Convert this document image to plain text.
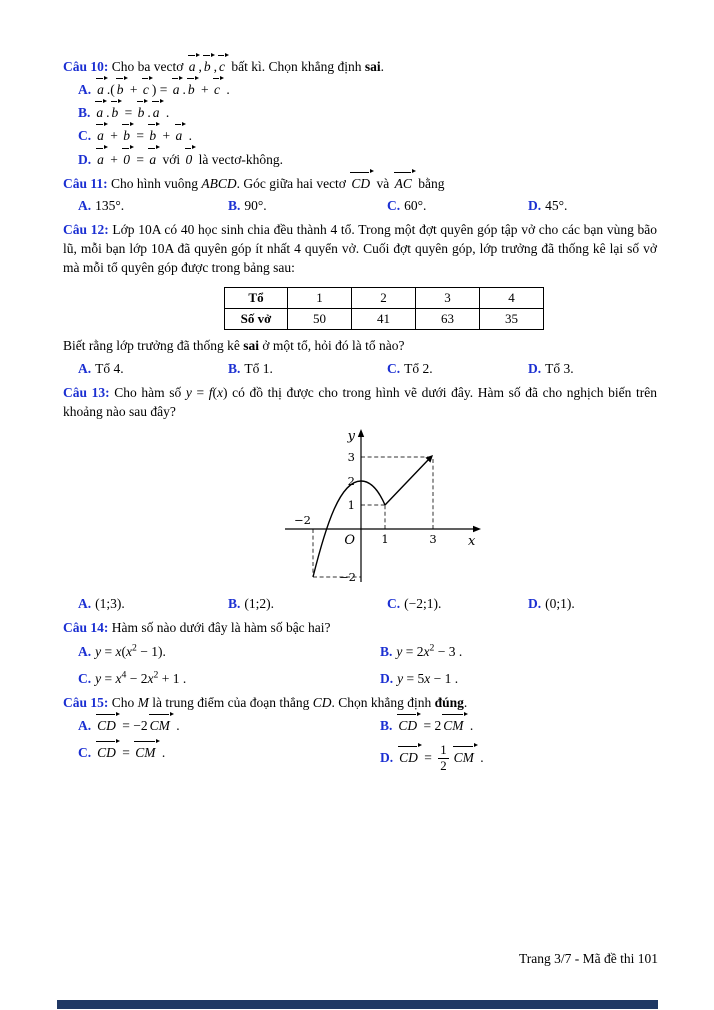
Câu 10: Cho ba vectơ a , b , c bất kì. Chọn khẳng định sai.
A. a .( b + c ) = a . b + c .
B. a . b = b . a .
C. a + b = b + a .
D. a + 0 = a với 0 là vectơ-không.
Câu 11: Cho hình vuông ABCD. Góc giữa hai vectơ CD và AC bằng
A. 135°.	B. 90°.	C. 60°.	D. 45°.
Câu 12: Lớp 10A có 40 học sinh chia đều thành 4 tổ. Trong một đợt quyên góp tập vở cho các bạn vùng bão lũ, mỗi bạn lớp 10A đã quyên góp ít nhất 4 quyển vở. Cuối đợt quyên góp, lớp trưởng đã thống kê lại số vở mà mỗi tổ quyên góp được trong bảng sau:
Tổ	1	2	3	4
Số vở	50	41	63	35
Biết rằng lớp trưởng đã thống kê sai ở một tổ, hỏi đó là tổ nào?
A. Tổ 4.	B. Tổ 1.	C. Tổ 2.	D. Tổ 3.
Câu 13: Cho hàm số y = f(x) có đồ thị được cho trong hình vẽ dưới đây. Hàm số đã cho nghịch biến trên khoảng nào sau đây?
y
x
O
3
2
1
−2
−2
1	3
A. (1;3).	B. (1;2).	C. (−2;1).	D. (0;1).
Câu 14: Hàm số nào dưới đây là hàm số bậc hai?
A. $y = x(x^2 - 1)$.	B. $y = 2x^2 - 3$ .
C. $y = x^4 - 2x^2 + 1$ .	D. y = 5x − 1 .
Câu 15: Cho M là trung điểm của đoạn thẳng CD. Chọn khẳng định đúng.
A. CD = −2 CM .	B. CD = 2 CM .
C. CD = CM .	D. CD = $\frac{1}{2}$ CM .
Trang 3/7 - Mã đề thi 101
